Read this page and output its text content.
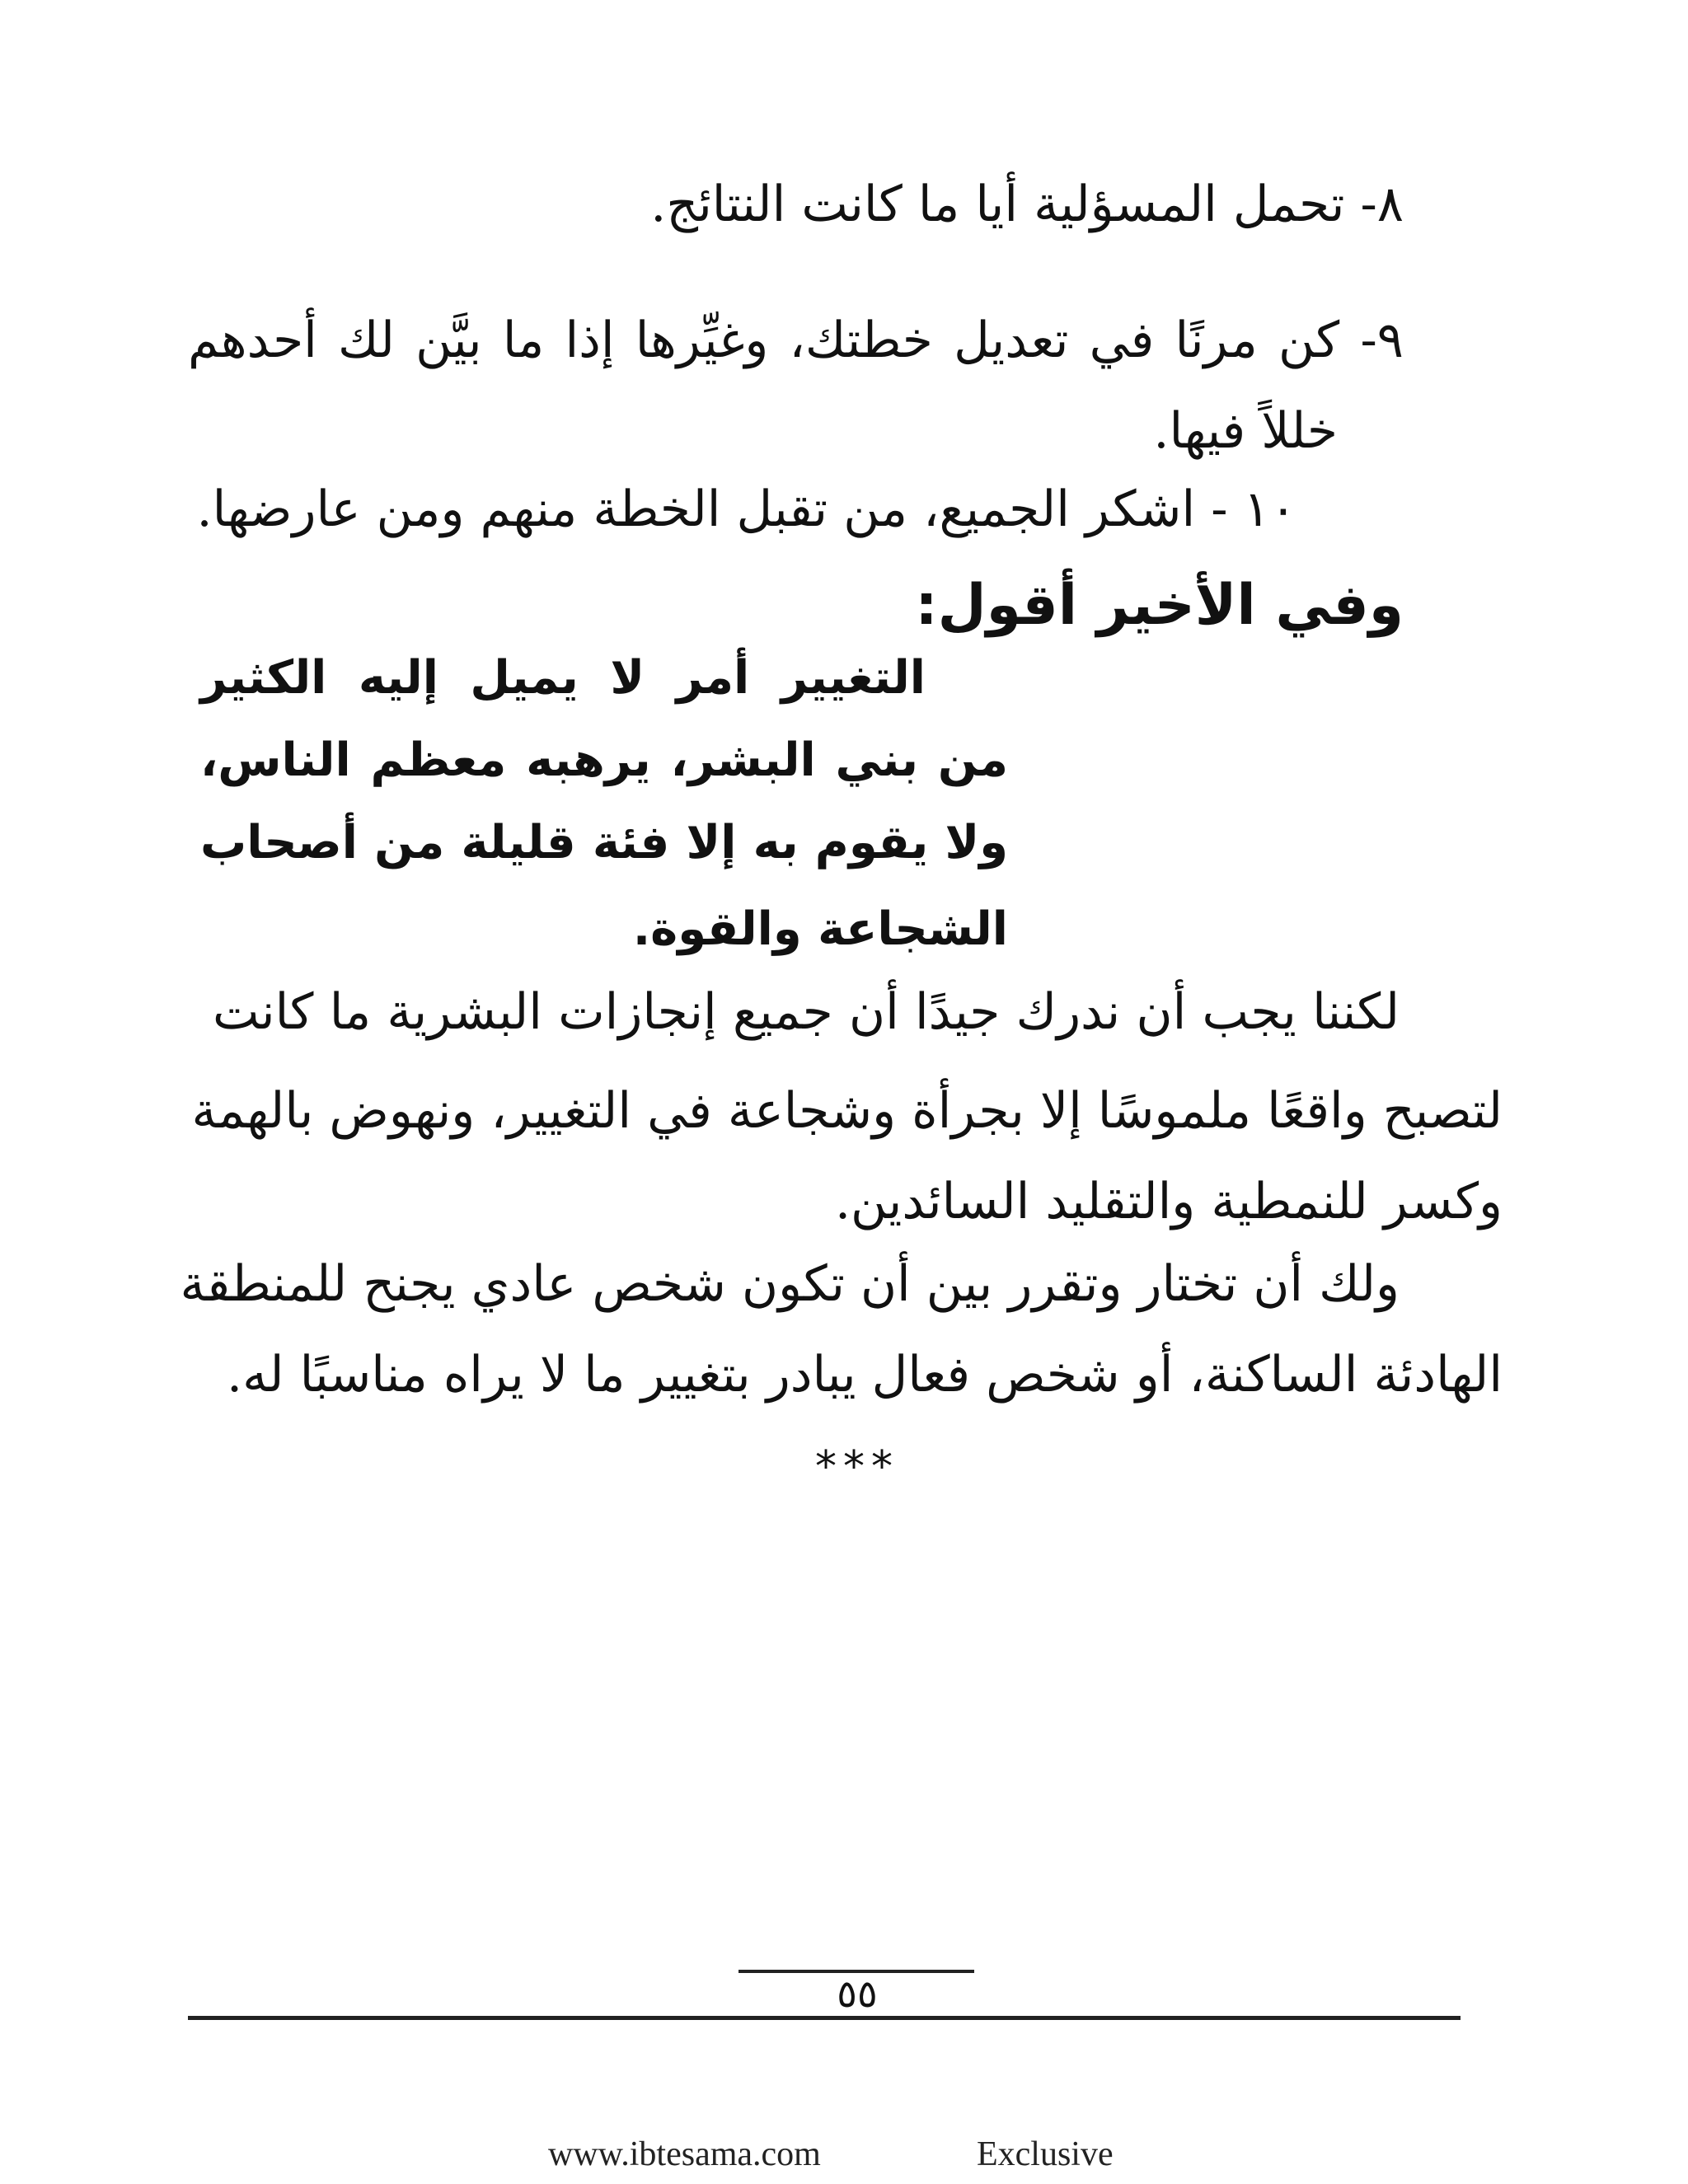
٨- تحمل المسؤلية أيا ما كانت النتائج.
٩- كن مرنًا في تعديل خطتك، وغيِّرها إذا ما بيَّن لك أحدهم
خللاً فيها.
١٠ - اشكر الجميع، من تقبل الخطة منهم ومن عارضها.
وفي الأخير أقول:
التغيير أمر لا يميل إليه الكثير
من بني البشر، يرهبه معظم الناس،
ولا يقوم به إلا فئة قليلة من أصحاب
الشجاعة والقوة.
لكننا يجب أن ندرك جيدًا أن جميع إنجازات البشرية ما كانت
لتصبح واقعًا ملموسًا إلا بجرأة وشجاعة في التغيير، ونهوض بالهمة
وكسر للنمطية والتقليد السائدين.
ولك أن تختار وتقرر بين أن تكون شخص عادي يجنح للمنطقة
الهادئة الساكنة، أو شخص فعال يبادر بتغيير ما لا يراه مناسبًا له.
***
٥٥
www.ibtesama.com	Exclusive
